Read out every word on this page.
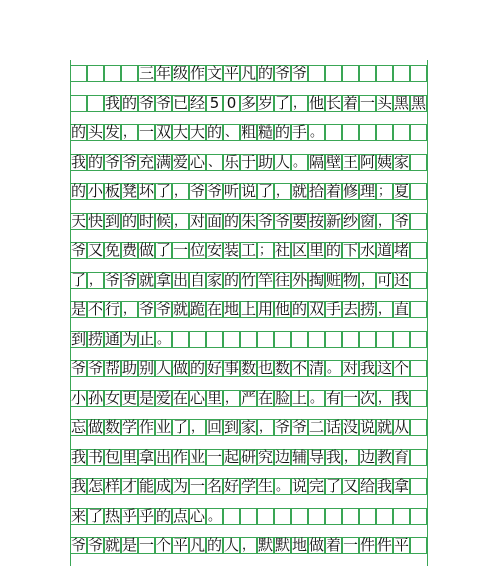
三 年 级 作 文 平 凡 的 爷 爷
我 的 爷 爷 已 经 5 0 多 岁 了 ， 他 长 着 一 头 黑 黑
的 头 发 ， 一 双 大 大 的 、 粗 糙 的 手 。
我 的 爷 爷 充 满 爱 心 、 乐 于 助 人 。 隔 壁 王 阿 姨 家
的 小 板 凳 坏 了 ， 爷 爷 听 说 了 ， 就 拾 着 修 理 ； 夏
天 快 到 的 时 候 ， 对 面 的 朱 爷 爷 要 按 新 纱 窗 ， 爷
爷 又 免 费 做 了 一 位 安 装 工 ； 社 区 里 的 下 水 道 堵
了 ， 爷 爷 就 拿 出 自 家 的 竹 竿 往 外 掏 赃 物 ， 可 还
是 不 行 ， 爷 爷 就 跪 在 地 上 用 他 的 双 手 去 捞 ， 直
到 捞 通 为 止 。
爷 爷 帮 助 别 人 做 的 好 事 数 也 数 不 清 。 对 我 这 个
小 孙 女 更 是 爱 在 心 里 ， 严 在 脸 上 。 有 一 次 ， 我
忘 做 数 学 作 业 了 ， 回 到 家 ， 爷 爷 二 话 没 说 就 从
我 书 包 里 拿 出 作 业 一 起 研 究 边 辅 导 我 ， 边 教 育
我 怎 样 才 能 成 为 一 名 好 学 生 。 说 完 了 又 给 我 拿
来 了 热 乎 乎 的 点 心 。
爷 爷 就 是 一 个 平 凡 的 人 ， 默 默 地 做 着 一 件 件 平
